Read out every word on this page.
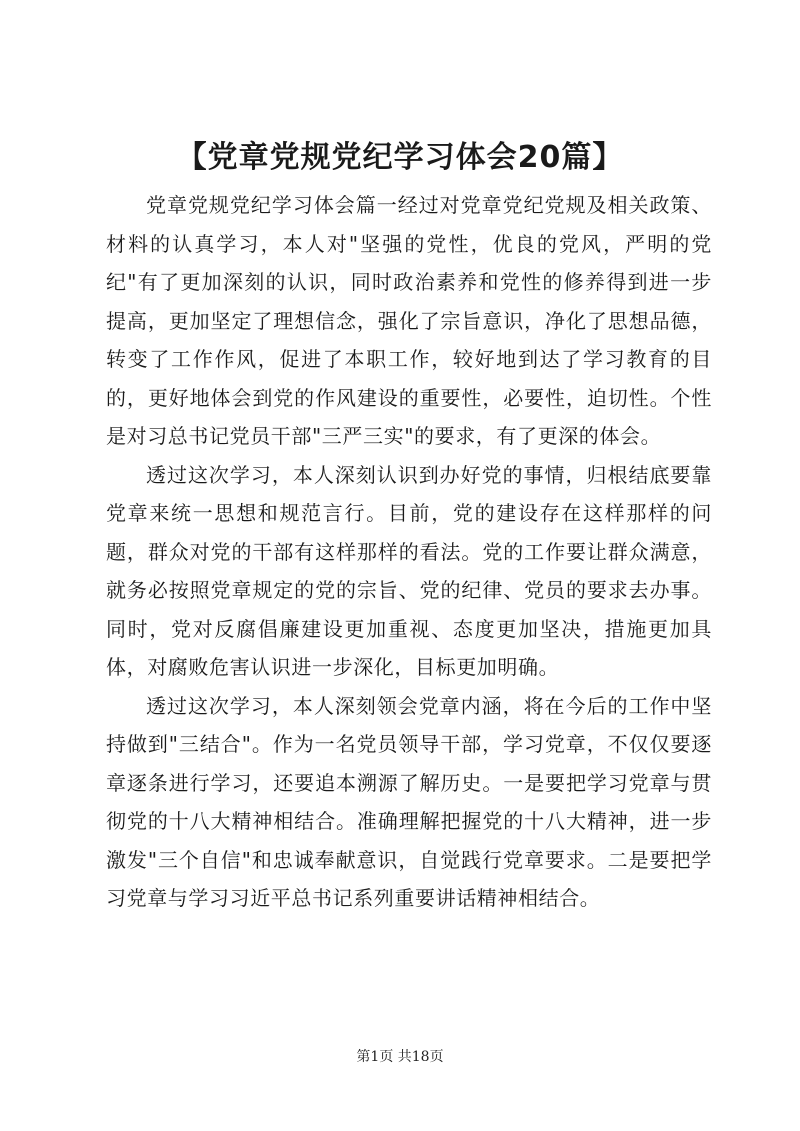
【党章党规党纪学习体会20篇】

党章党规党纪学习体会篇一经过对党章党纪党规及相关政策、材料的认真学习，本人对"坚强的党性，优良的党风，严明的党纪"有了更加深刻的认识，同时政治素养和党性的修养得到进一步提高，更加坚定了理想信念，强化了宗旨意识，净化了思想品德，转变了工作作风，促进了本职工作，较好地到达了学习教育的目的，更好地体会到党的作风建设的重要性，必要性，迫切性。个性是对习总书记党员干部"三严三实"的要求，有了更深的体会。

透过这次学习，本人深刻认识到办好党的事情，归根结底要靠党章来统一思想和规范言行。目前，党的建设存在这样那样的问题，群众对党的干部有这样那样的看法。党的工作要让群众满意，就务必按照党章规定的党的宗旨、党的纪律、党员的要求去办事。同时，党对反腐倡廉建设更加重视、态度更加坚决，措施更加具体，对腐败危害认识进一步深化，目标更加明确。

透过这次学习，本人深刻领会党章内涵，将在今后的工作中坚持做到"三结合"。作为一名党员领导干部，学习党章，不仅仅要逐章逐条进行学习，还要追本溯源了解历史。一是要把学习党章与贯彻党的十八大精神相结合。准确理解把握党的十八大精神，进一步激发"三个自信"和忠诚奉献意识，自觉践行党章要求。二是要把学习党章与学习习近平总书记系列重要讲话精神相结合。

第1页 共18页
